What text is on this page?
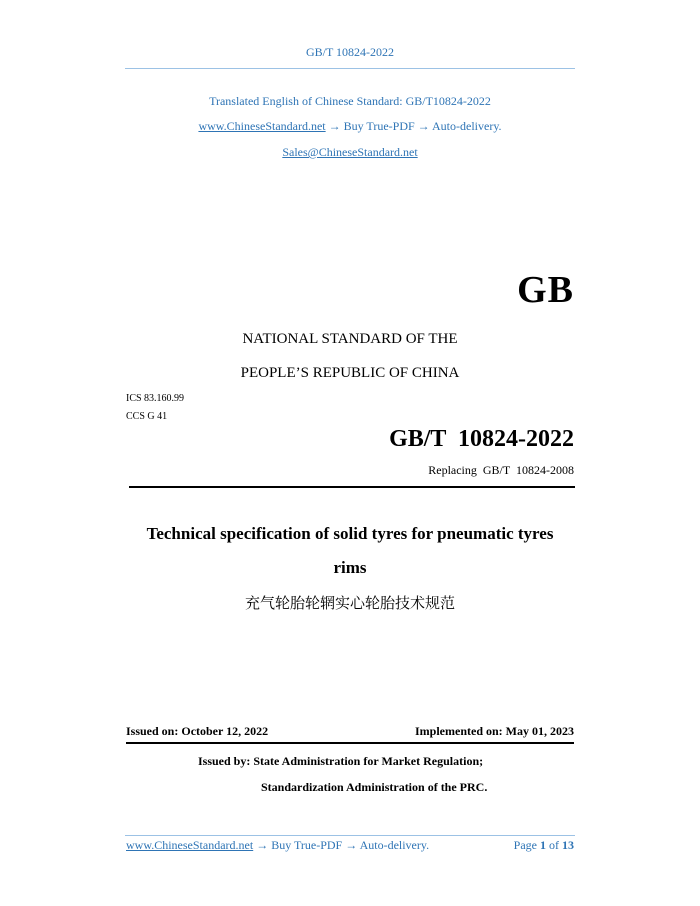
GB/T 10824-2022
Translated English of Chinese Standard: GB/T10824-2022
www.ChineseStandard.net → Buy True-PDF → Auto-delivery.
Sales@ChineseStandard.net
GB
NATIONAL STANDARD OF THE
PEOPLE’S REPUBLIC OF CHINA
ICS 83.160.99
CCS G 41
GB/T  10824-2022
Replacing  GB/T  10824-2008
Technical specification of solid tyres for pneumatic tyres
rims
充气轮胎轮辋实心轮胎技术规范
Issued on: October 12, 2022	Implemented on: May 01, 2023
Issued by: State Administration for Market Regulation;
Standardization Administration of the PRC.
www.ChineseStandard.net → Buy True-PDF → Auto-delivery.	Page 1 of 13
